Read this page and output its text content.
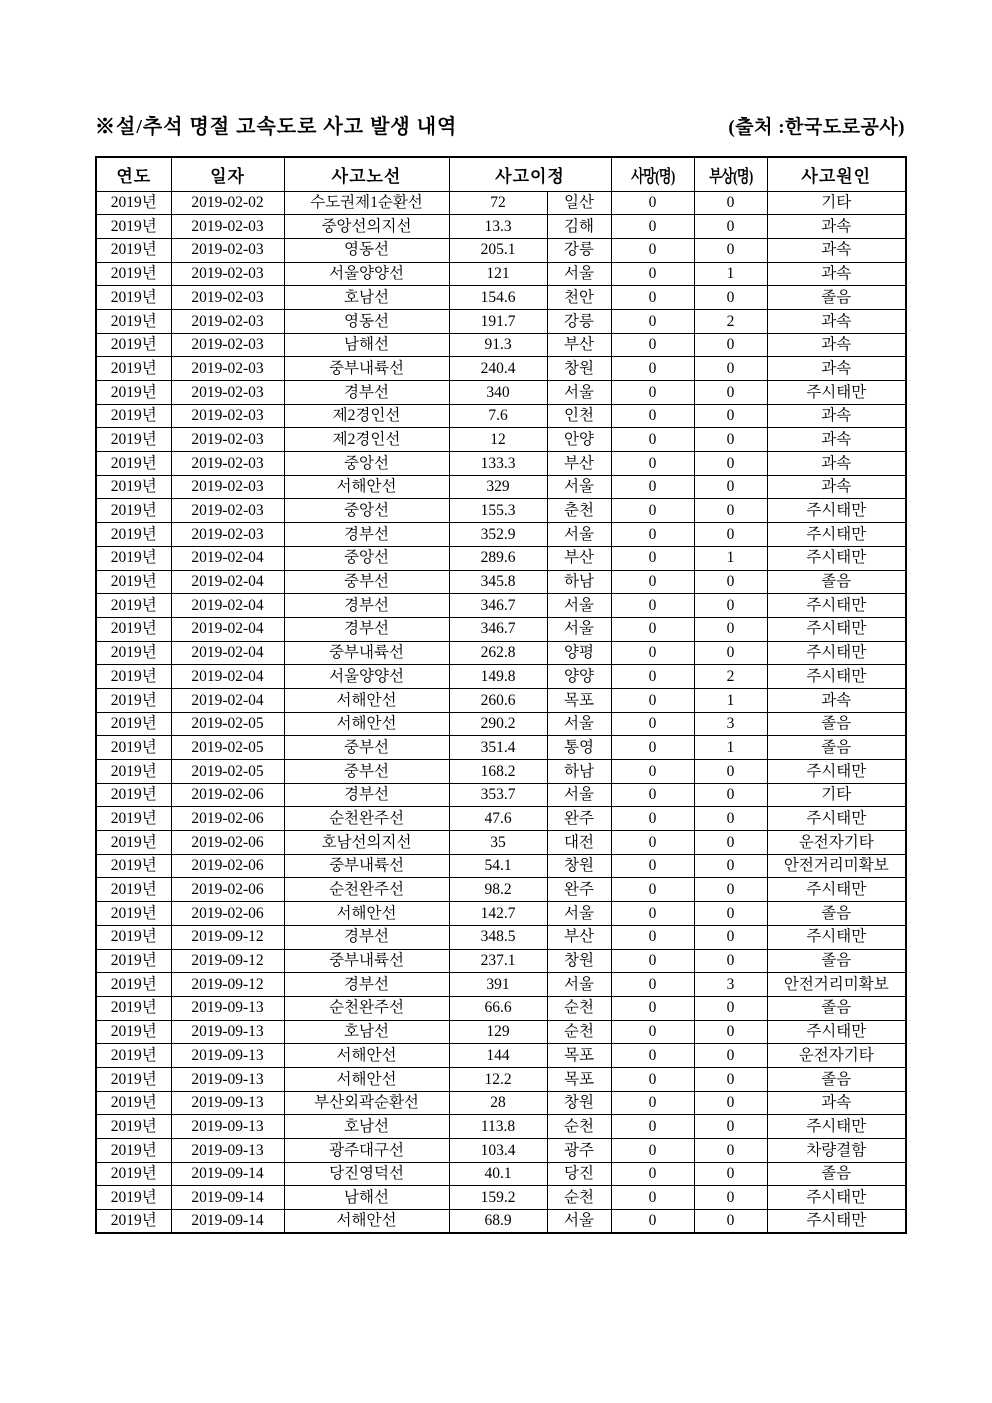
※설/추석 명절 고속도로 사고 발생 내역	(출처 :한국도로공사)
연도	일자	사고노선	사고이정		사망(명)	부상(명)	사고원인
2019년	2019-02-02	수도권제1순환선	72	일산	0	0	기타
2019년	2019-02-03	중앙선의지선	13.3	김해	0	0	과속
2019년	2019-02-03	영동선	205.1	강릉	0	0	과속
2019년	2019-02-03	서울양양선	121	서울	0	1	과속
2019년	2019-02-03	호남선	154.6	천안	0	0	졸음
2019년	2019-02-03	영동선	191.7	강릉	0	2	과속
2019년	2019-02-03	남해선	91.3	부산	0	0	과속
2019년	2019-02-03	중부내륙선	240.4	창원	0	0	과속
2019년	2019-02-03	경부선	340	서울	0	0	주시태만
2019년	2019-02-03	제2경인선	7.6	인천	0	0	과속
2019년	2019-02-03	제2경인선	12	안양	0	0	과속
2019년	2019-02-03	중앙선	133.3	부산	0	0	과속
2019년	2019-02-03	서해안선	329	서울	0	0	과속
2019년	2019-02-03	중앙선	155.3	춘천	0	0	주시태만
2019년	2019-02-03	경부선	352.9	서울	0	0	주시태만
2019년	2019-02-04	중앙선	289.6	부산	0	1	주시태만
2019년	2019-02-04	중부선	345.8	하남	0	0	졸음
2019년	2019-02-04	경부선	346.7	서울	0	0	주시태만
2019년	2019-02-04	경부선	346.7	서울	0	0	주시태만
2019년	2019-02-04	중부내륙선	262.8	양평	0	0	주시태만
2019년	2019-02-04	서울양양선	149.8	양양	0	2	주시태만
2019년	2019-02-04	서해안선	260.6	목포	0	1	과속
2019년	2019-02-05	서해안선	290.2	서울	0	3	졸음
2019년	2019-02-05	중부선	351.4	통영	0	1	졸음
2019년	2019-02-05	중부선	168.2	하남	0	0	주시태만
2019년	2019-02-06	경부선	353.7	서울	0	0	기타
2019년	2019-02-06	순천완주선	47.6	완주	0	0	주시태만
2019년	2019-02-06	호남선의지선	35	대전	0	0	운전자기타
2019년	2019-02-06	중부내륙선	54.1	창원	0	0	안전거리미확보
2019년	2019-02-06	순천완주선	98.2	완주	0	0	주시태만
2019년	2019-02-06	서해안선	142.7	서울	0	0	졸음
2019년	2019-09-12	경부선	348.5	부산	0	0	주시태만
2019년	2019-09-12	중부내륙선	237.1	창원	0	0	졸음
2019년	2019-09-12	경부선	391	서울	0	3	안전거리미확보
2019년	2019-09-13	순천완주선	66.6	순천	0	0	졸음
2019년	2019-09-13	호남선	129	순천	0	0	주시태만
2019년	2019-09-13	서해안선	144	목포	0	0	운전자기타
2019년	2019-09-13	서해안선	12.2	목포	0	0	졸음
2019년	2019-09-13	부산외곽순환선	28	창원	0	0	과속
2019년	2019-09-13	호남선	113.8	순천	0	0	주시태만
2019년	2019-09-13	광주대구선	103.4	광주	0	0	차량결함
2019년	2019-09-14	당진영덕선	40.1	당진	0	0	졸음
2019년	2019-09-14	남해선	159.2	순천	0	0	주시태만
2019년	2019-09-14	서해안선	68.9	서울	0	0	주시태만
